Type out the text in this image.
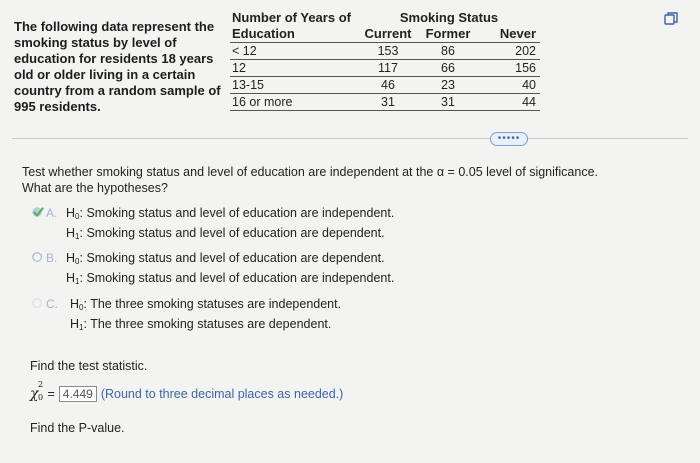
The following data represent the smoking status by level of education for residents 18 years old or older living in a certain country from a random sample of 995 residents.
Number of Years of	Smoking Status		
Education	Current	Former	Never
< 12	153	86	202
12	117	66	156
13-15	46	23	40
16 or more	31	31	44
•••••
Test whether smoking status and level of education are independent at the α = 0.05 level of significance.
What are the hypotheses?
A. $H_0$: Smoking status and level of education are independent.
$H_1$: Smoking status and level of education are dependent.
B. $H_0$: Smoking status and level of education are dependent.
$H_1$: Smoking status and level of education are independent.
C. $H_0$: The three smoking statuses are independent.
$H_1$: The three smoking statuses are dependent.
Find the test statistic.
χ
2
0 = 4.449 (Round to three decimal places as needed.)
Find the P-value.
